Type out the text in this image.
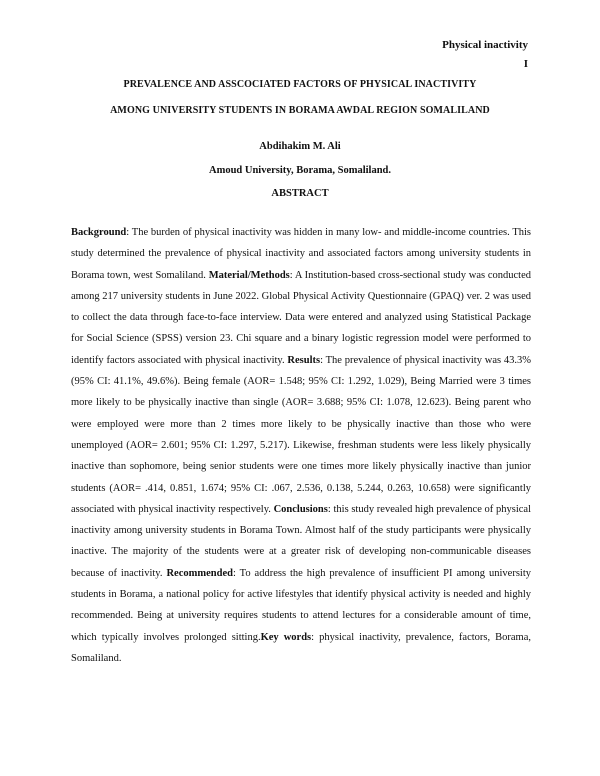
Physical inactivity
I
PREVALENCE AND ASSCOCIATED FACTORS OF PHYSICAL INACTIVITY
AMONG UNIVERSITY STUDENTS IN BORAMA AWDAL REGION SOMALILAND
Abdihakim M. Ali
Amoud University, Borama, Somaliland.
ABSTRACT

Background: The burden of physical inactivity was hidden in many low- and middle-income countries. This study determined the prevalence of physical inactivity and associated factors among university students in Borama town, west Somaliland. Material/Methods: A Institution-based cross-sectional study was conducted among 217 university students in June 2022. Global Physical Activity Questionnaire (GPAQ) ver. 2 was used to collect the data through face-to-face interview. Data were entered and analyzed using Statistical Package for Social Science (SPSS) version 23. Chi square and a binary logistic regression model were performed to identify factors associated with physical inactivity. Results: The prevalence of physical inactivity was 43.3% (95% CI: 41.1%, 49.6%). Being female (AOR= 1.548; 95% CI: 1.292, 1.029), Being Married were 3 times more likely to be physically inactive than single (AOR= 3.688; 95% CI: 1.078, 12.623). Being parent who were employed were more than 2 times more likely to be physically inactive than those who were unemployed (AOR= 2.601; 95% CI: 1.297, 5.217). Likewise, freshman students were less likely physically inactive than sophomore, being senior students were one times more likely physically inactive than junior students (AOR= .414, 0.851, 1.674; 95% CI: .067, 2.536, 0.138, 5.244, 0.263, 10.658) were significantly associated with physical inactivity respectively. Conclusions: this study revealed high prevalence of physical inactivity among university students in Borama Town. Almost half of the study participants were physically inactive. The majority of the students were at a greater risk of developing non-communicable diseases because of inactivity. Recommended: To address the high prevalence of insufficient PI among university students in Borama, a national policy for active lifestyles that identify physical activity is needed and highly recommended. Being at university requires students to attend lectures for a considerable amount of time, which typically involves prolonged sitting.Key words: physical inactivity, prevalence, factors, Borama, Somaliland.
